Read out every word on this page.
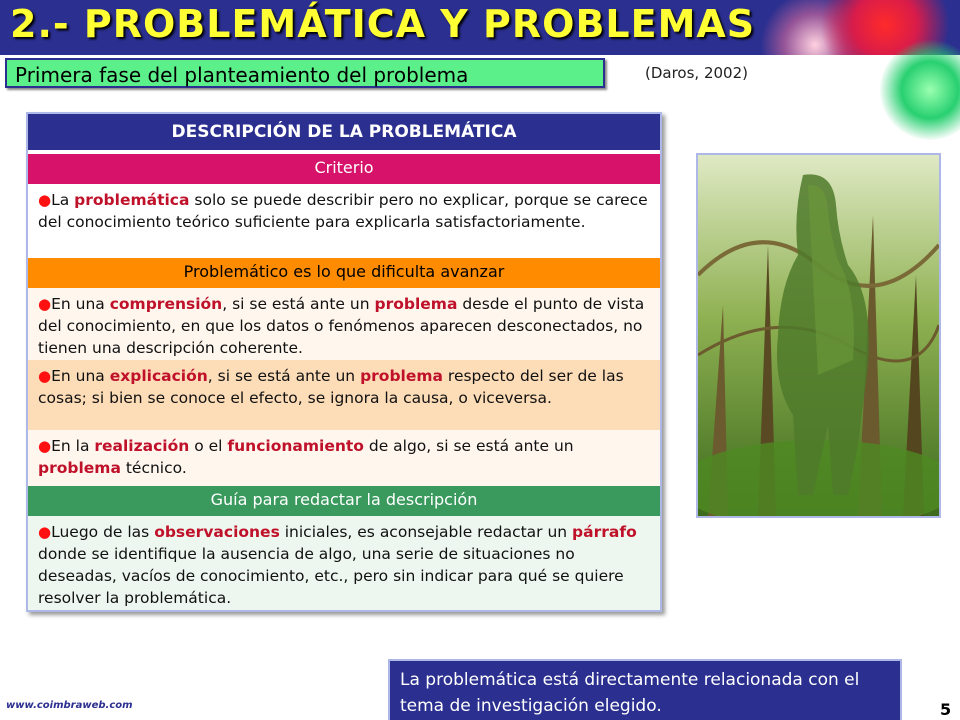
2.- PROBLEMÁTICA Y PROBLEMAS
Primera fase del planteamiento del problema	(Daros, 2002)
DESCRIPCIÓN DE LA PROBLEMÁTICA
Criterio
●La problemática solo se puede describir pero no explicar, porque se carece del conocimiento teórico suficiente para explicarla satisfactoriamente.
Problemático es lo que dificulta avanzar
●En una comprensión, si se está ante un problema desde el punto de vista del conocimiento, en que los datos o fenómenos aparecen desconectados, no tienen una descripción coherente.
●En una explicación, si se está ante un problema respecto del ser de las cosas; si bien se conoce el efecto, se ignora la causa, o viceversa.
●En la realización o el funcionamiento de algo, si se está ante un problema técnico.
Guía para redactar la descripción
●Luego de las observaciones iniciales, es aconsejable redactar un párrafo donde se identifique la ausencia de algo, una serie de situaciones no deseadas, vacíos de conocimiento, etc., pero sin indicar para qué se quiere resolver la problemática.
La problemática está directamente relacionada con el tema de investigación elegido.
www.coimbraweb.com	5
